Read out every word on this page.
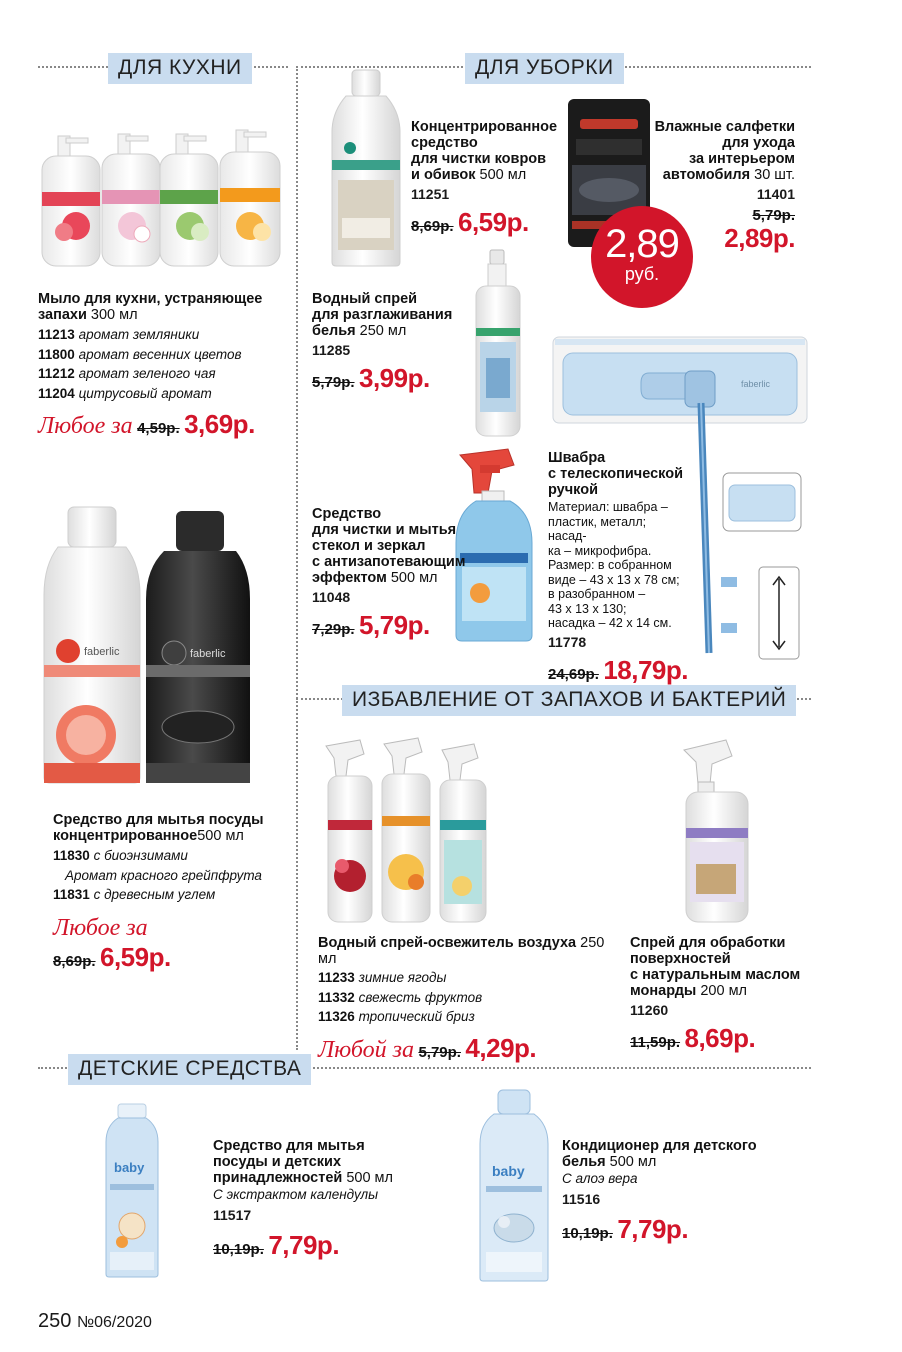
ДЛЯ КУХНИ	ДЛЯ УБОРКИ
ИЗБАВЛЕНИЕ ОТ ЗАПАХОВ И БАКТЕРИЙ
ДЕТСКИЕ СРЕДСТВА
Мыло для кухни, устраняющее
запахи 300 мл
11213 аромат земляники
11800 аромат весенних цветов
11212 аромат зеленого чая
11204 цитрусовый аромат
Любое за 4,59р. 3,69р.
faberlic	faberlic
Средство для мытья посуды
концентрированное500 мл
11830 с биоэнзимами
Аромат красного грейпфрута
11831 с древесным углем
Любое за
8,69р. 6,59р.
Концентрированное
средство
для чистки ковров
и обивок 500 мл
11251
8,69р. 6,59р.	2,89
руб.
Влажные салфетки
для ухода
за интерьером
автомобиля 30 шт.
11401
5,79р.
2,89р.
Водный спрей
для разглаживания
белья 250 мл
11285
5,79р. 3,99р.
Средство
для чистки и мытья
стекол и зеркал
с антизапотевающим
эффектом 500 мл
11048
7,29р. 5,79р.
faberlic
Швабра
с телескопической
ручкой
Материал: швабра –
пластик, металл; насад-
ка – микрофибра.
Размер: в собранном
виде – 43 x 13 x 78 см;
в разобранном –
43 x 13 x 130;
насадка – 42 x 14 см.
11778
24,69р. 18,79р.
Водный спрей-освежитель воздуха 250 мл
11233 зимние ягоды
11332 свежесть фруктов
11326 тропический бриз
Любой за 5,79р. 4,29р.
Спрей для обработки
поверхностей
с натуральным маслом
монарды 200 мл
11260
11,59р. 8,69р.
baby
Средство для мытья
посуды и детских
принадлежностей 500 мл
С экстрактом календулы
11517
10,19р. 7,79р.
baby
Кондиционер для детского
белья 500 мл
С алоэ вера
11516
10,19р. 7,79р.
250 №06/2020
